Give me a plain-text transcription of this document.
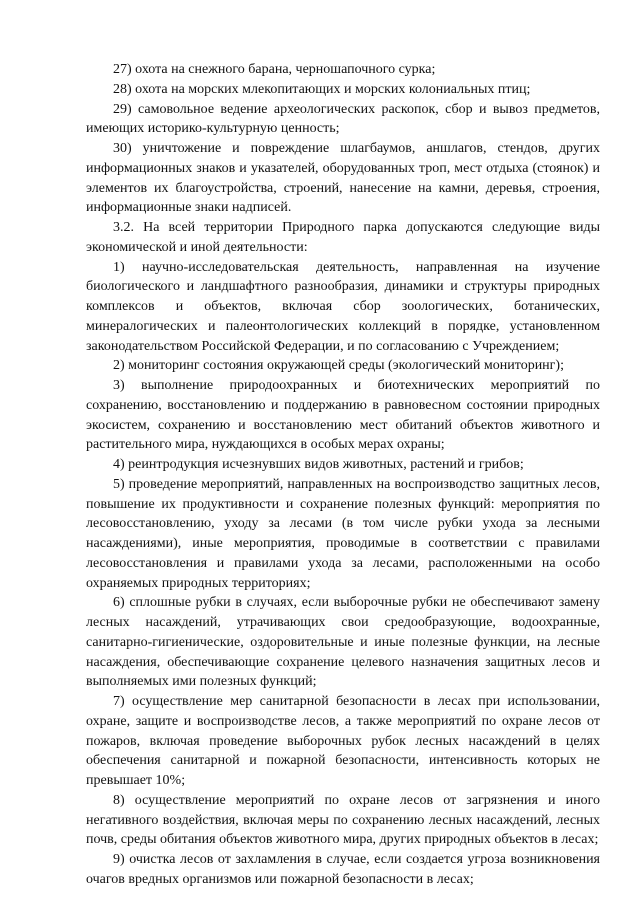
27) охота на снежного барана, черношапочного сурка;

28) охота на морских млекопитающих и морских колониальных птиц;

29) самовольное ведение археологических раскопок, сбор и вывоз предметов, имеющих историко-культурную ценность;

30) уничтожение и повреждение шлагбаумов, аншлагов, стендов, других информационных знаков и указателей, оборудованных троп, мест отдыха (стоянок) и элементов их благоустройства, строений, нанесение на камни, деревья, строения, информационные знаки надписей.

3.2. На всей территории Природного парка допускаются следующие виды экономической и иной деятельности:

1) научно-исследовательская деятельность, направленная на изучение биологического и ландшафтного разнообразия, динамики и структуры природных комплексов и объектов, включая сбор зоологических, ботанических, минералогических и палеонтологических коллекций в порядке, установленном законодательством Российской Федерации, и по согласованию с Учреждением;

2) мониторинг состояния окружающей среды (экологический мониторинг);

3) выполнение природоохранных и биотехнических мероприятий по сохранению, восстановлению и поддержанию в равновесном состоянии природных экосистем, сохранению и восстановлению мест обитаний объектов животного и растительного мира, нуждающихся в особых мерах охраны;

4) реинтродукция исчезнувших видов животных, растений и грибов;

5) проведение мероприятий, направленных на воспроизводство защитных лесов, повышение их продуктивности и сохранение полезных функций: мероприятия по лесовосстановлению, уходу за лесами (в том числе рубки ухода за лесными насаждениями), иные мероприятия, проводимые в соответствии с правилами лесовосстановления и правилами ухода за лесами, расположенными на особо охраняемых природных территориях;

6) сплошные рубки в случаях, если выборочные рубки не обеспечивают замену лесных насаждений, утрачивающих свои средообразующие, водоохранные, санитарно-гигиенические, оздоровительные и иные полезные функции, на лесные насаждения, обеспечивающие сохранение целевого назначения защитных лесов и выполняемых ими полезных функций;

7) осуществление мер санитарной безопасности в лесах при использовании, охране, защите и воспроизводстве лесов, а также мероприятий по охране лесов от пожаров, включая проведение выборочных рубок лесных насаждений в целях обеспечения санитарной и пожарной безопасности, интенсивность которых не превышает 10%;

8) осуществление мероприятий по охране лесов от загрязнения и иного негативного воздействия, включая меры по сохранению лесных насаждений, лесных почв, среды обитания объектов животного мира, других природных объектов в лесах;

9) очистка лесов от захламления в случае, если создается угроза возникновения очагов вредных организмов или пожарной безопасности в лесах;
